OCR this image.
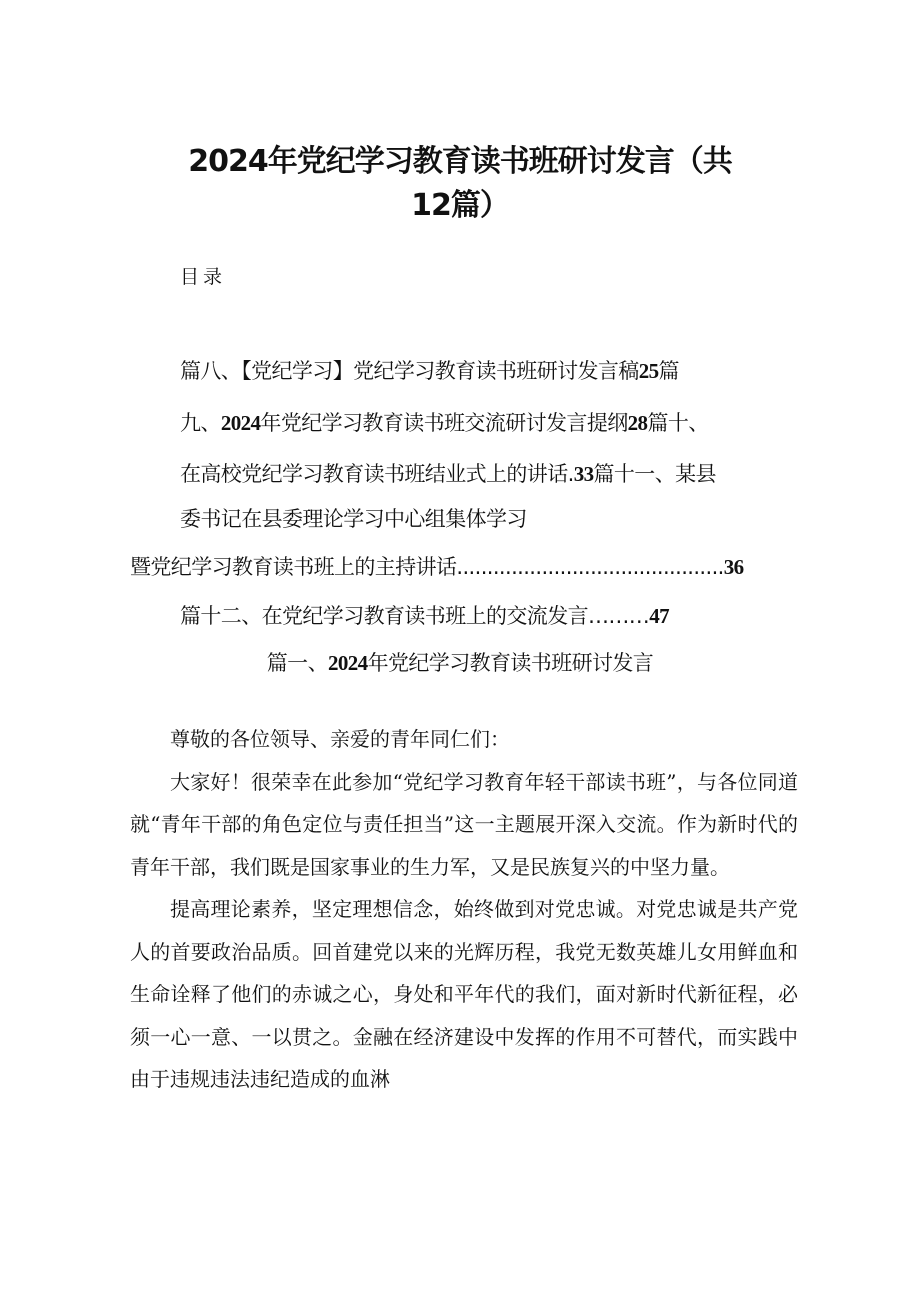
2024年党纪学习教育读书班研讨发言（共
12篇）
目录
篇八、【党纪学习】党纪学习教育读书班研讨发言稿25篇
九、2024年党纪学习教育读书班交流研讨发言提纲28篇十、
在高校党纪学习教育读书班结业式上的讲话.33篇十一、某县
委书记在县委理论学习中心组集体学习
暨党纪学习教育读书班上的主持讲话............................................36
篇十二、在党纪学习教育读书班上的交流发言………47
篇一、2024年党纪学习教育读书班研讨发言

尊敬的各位领导、亲爱的青年同仁们：

大家好！很荣幸在此参加“党纪学习教育年轻干部读书班”，与各位同道就“青年干部的角色定位与责任担当”这一主题展开深入交流。作为新时代的青年干部，我们既是国家事业的生力军，又是民族复兴的中坚力量。

提高理论素养，坚定理想信念，始终做到对党忠诚。对党忠诚是共产党人的首要政治品质。回首建党以来的光辉历程，我党无数英雄儿女用鲜血和生命诠释了他们的赤诚之心，身处和平年代的我们，面对新时代新征程，必须一心一意、一以贯之。金融在经济建设中发挥的作用不可替代，而实践中由于违规违法违纪造成的血淋
